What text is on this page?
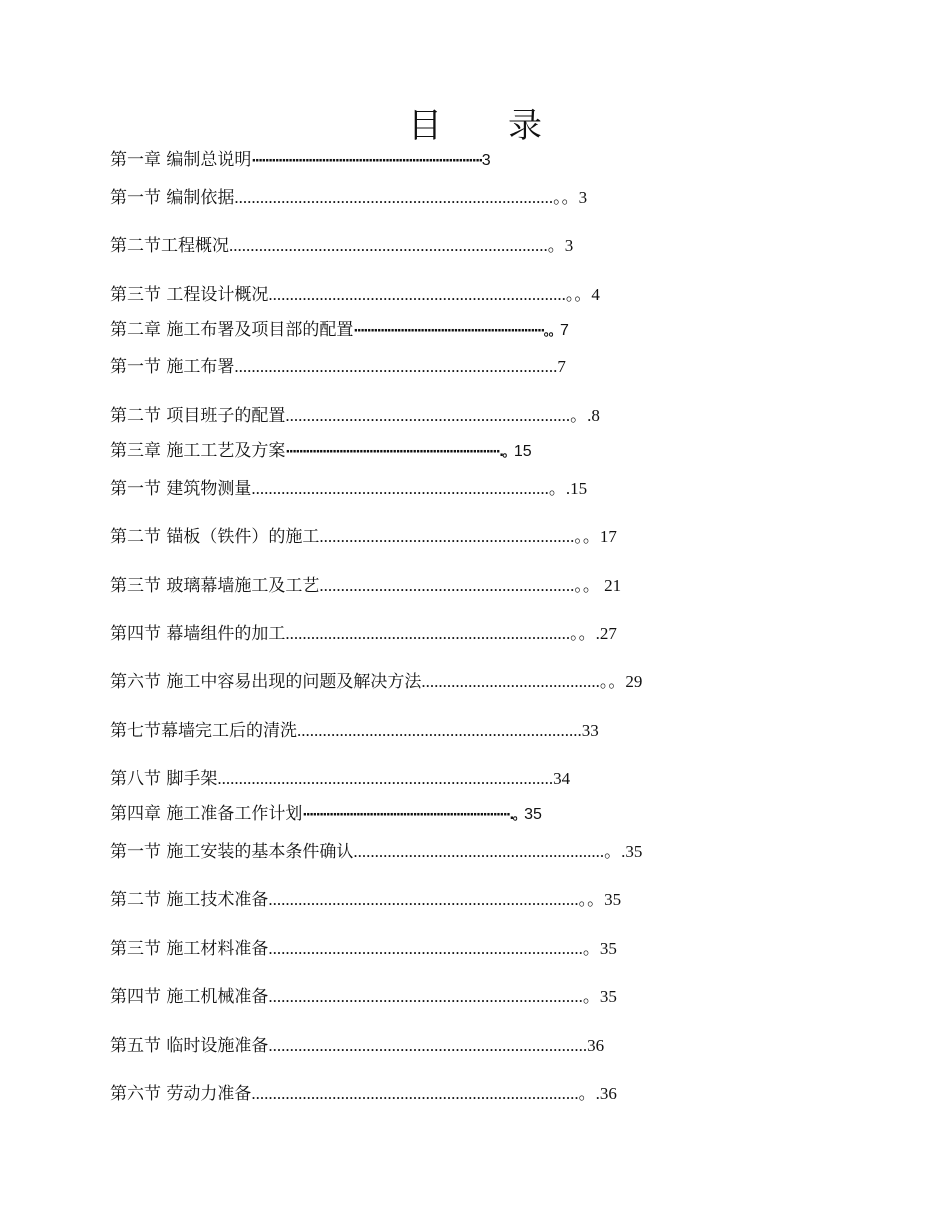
目 录
第一章 编制总说明·····································································3
第一节 编制依据...........................................................................。。3
第二节工程概况...........................................................................。3
第三节 工程设计概况......................................................................。。4
第二章 施工布署及项目部的配置·························································。。7
第一节 施工布署............................................................................7
第二节 项目班子的配置...................................................................。.8
第三章 施工工艺及方案································································.。15
第一节 建筑物测量......................................................................。.15
第二节 锚板（铁件）的施工............................................................。。17
第三节 玻璃幕墙施工及工艺............................................................。。 21
第四节 幕墙组件的加工...................................................................。。.27
第六节 施工中容易出现的问题及解决方法..........................................。。29
第七节幕墙完工后的清洗...................................................................33
第八节 脚手架...............................................................................34
第四章 施工准备工作计划······························································.。35
第一节 施工安装的基本条件确认...........................................................。.35
第二节 施工技术准备.........................................................................。。35
第三节 施工材料准备..........................................................................。35
第四节 施工机械准备..........................................................................。35
第五节 临时设施准备...........................................................................36
第六节 劳动力准备.............................................................................。.36
